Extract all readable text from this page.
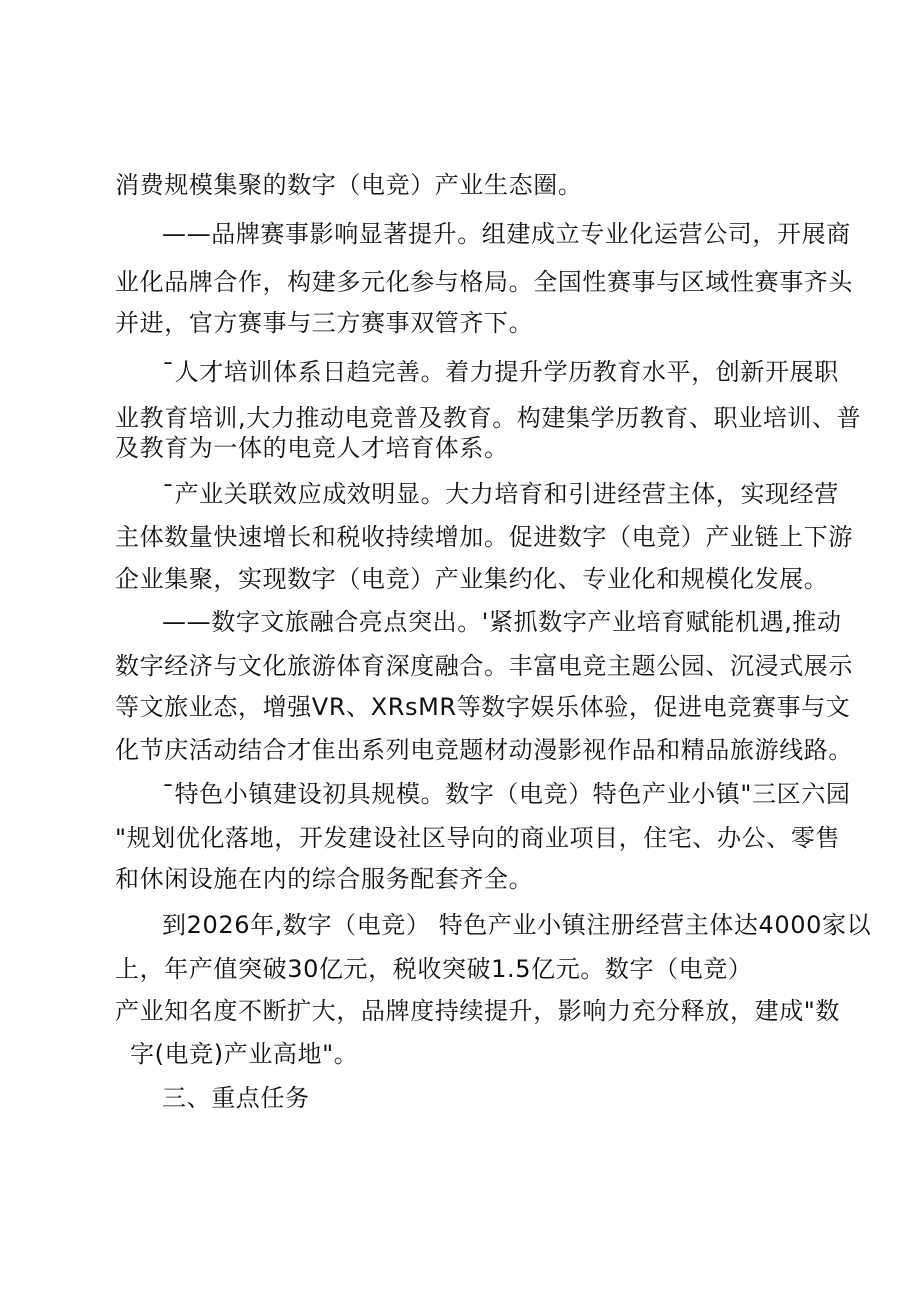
消费规模集聚的数字（电竞）产业生态圈。
——品牌赛事影响显著提升。组建成立专业化运营公司，开展商
业化品牌合作，构建多元化参与格局。全国性赛事与区域性赛事齐头
并进，官方赛事与三方赛事双管齐下。
¯人才培训体系日趋完善。着力提升学历教育水平，创新开展职
业教育培训,大力推动电竞普及教育。构建集学历教育、职业培训、普
及教育为一体的电竞人才培育体系。
¯产业关联效应成效明显。大力培育和引进经营主体，实现经营
主体数量快速增长和税收持续增加。促进数字（电竞）产业链上下游
企业集聚，实现数字（电竞）产业集约化、专业化和规模化发展。
——数字文旅融合亮点突出。'紧抓数字产业培育赋能机遇,推动
数字经济与文化旅游体育深度融合。丰富电竞主题公园、沉浸式展示
等文旅业态，增强VR、XRsMR等数字娱乐体验，促进电竞赛事与文
化节庆活动结合才隹出系列电竞题材动漫影视作品和精品旅游线路。
¯特色小镇建设初具规模。数字（电竞）特色产业小镇"三区六园
"规划优化落地，开发建设社区导向的商业项目，住宅、办公、零售
和休闲设施在内的综合服务配套齐全。
到2026年,数字（电竞） 特色产业小镇注册经营主体达4000家以
上，年产值突破30亿元，税收突破1.5亿元。数字（电竞）
产业知名度不断扩大，品牌度持续提升，影响力充分释放，建成"数
字(电竞)产业高地"。
三、重点任务
